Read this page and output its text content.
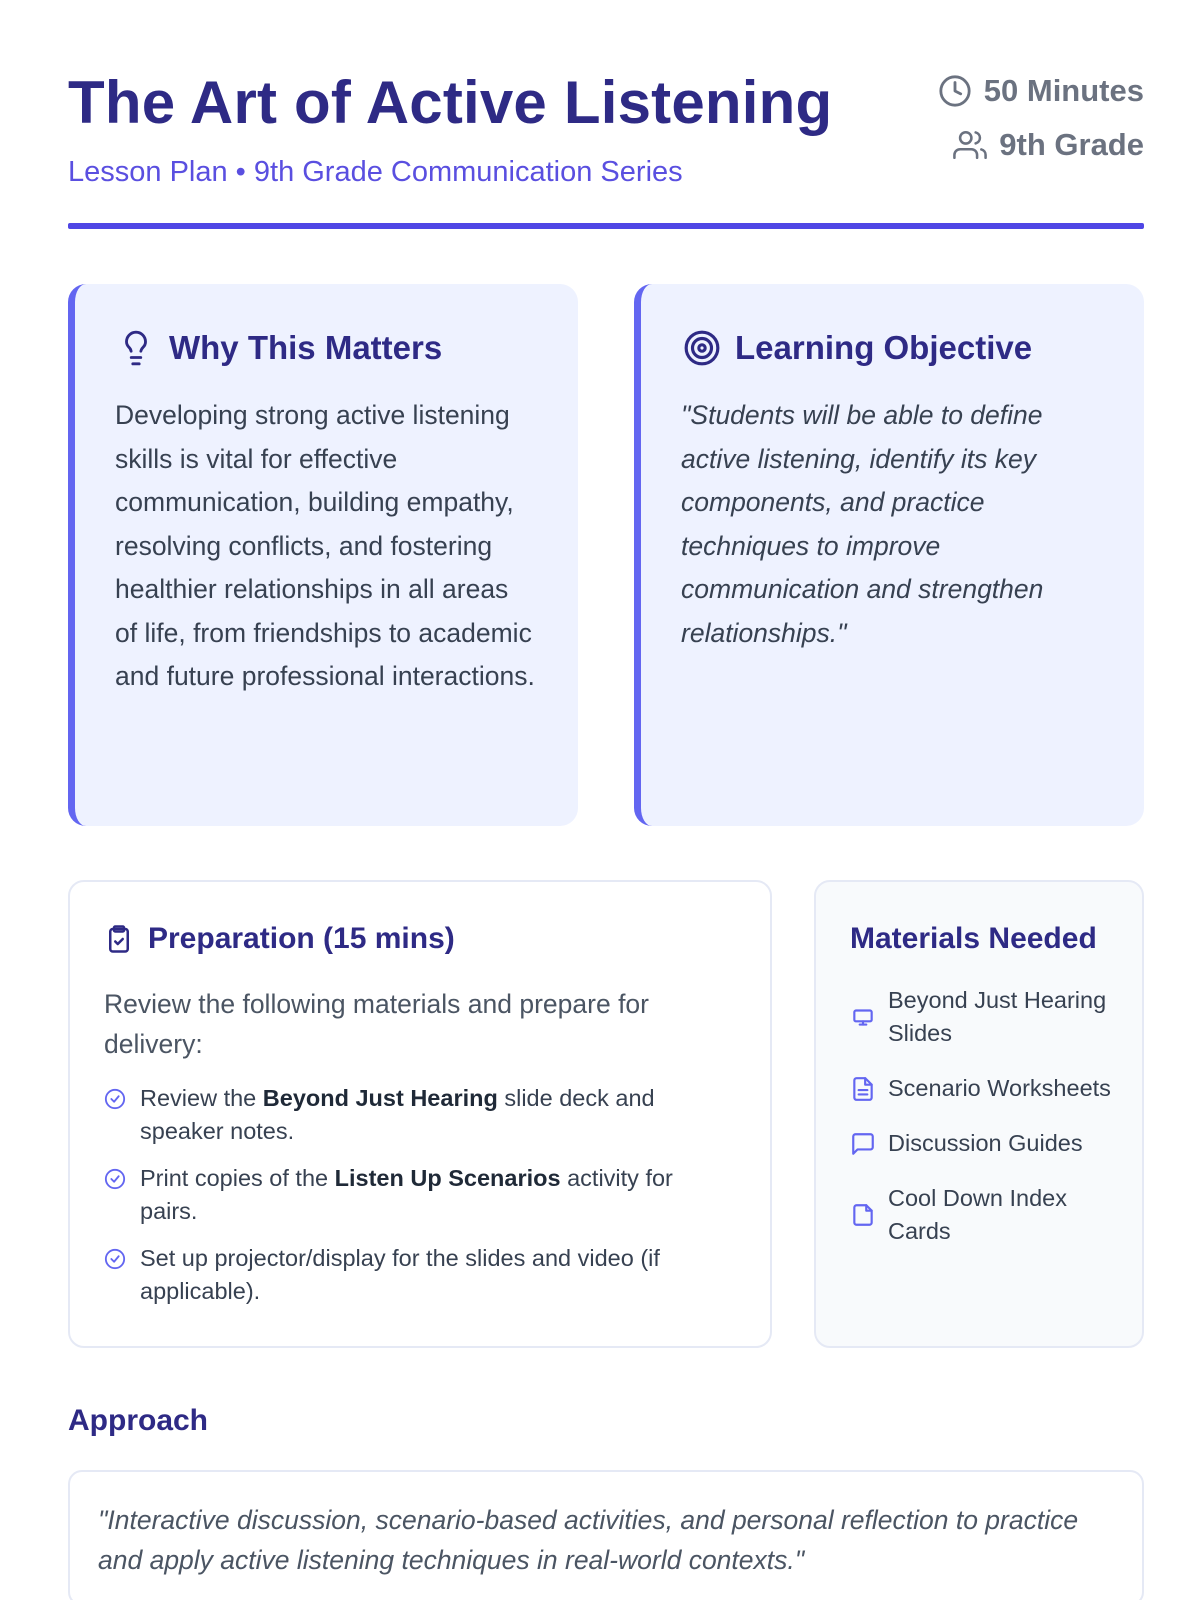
The Art of Active Listening
Lesson Plan • 9th Grade Communication Series
50 Minutes
9th Grade
Why This Matters

Developing strong active listening skills is vital for effective communication, building empathy, resolving conflicts, and fostering healthier relationships in all areas of life, from friendships to academic and future professional interactions.

Learning Objective

"Students will be able to define active listening, identify its key components, and practice techniques to improve communication and strengthen relationships."

Preparation (15 mins)

Review the following materials and prepare for delivery:

Review the Beyond Just Hearing slide deck and speaker notes.
Print copies of the Listen Up Scenarios activity for pairs.
Set up projector/display for the slides and video (if applicable).
Materials Needed
Beyond Just Hearing Slides
Scenario Worksheets
Discussion Guides
Cool Down Index Cards
Approach

"Interactive discussion, scenario-based activities, and personal reflection to practice and apply active listening techniques in real-world contexts."
